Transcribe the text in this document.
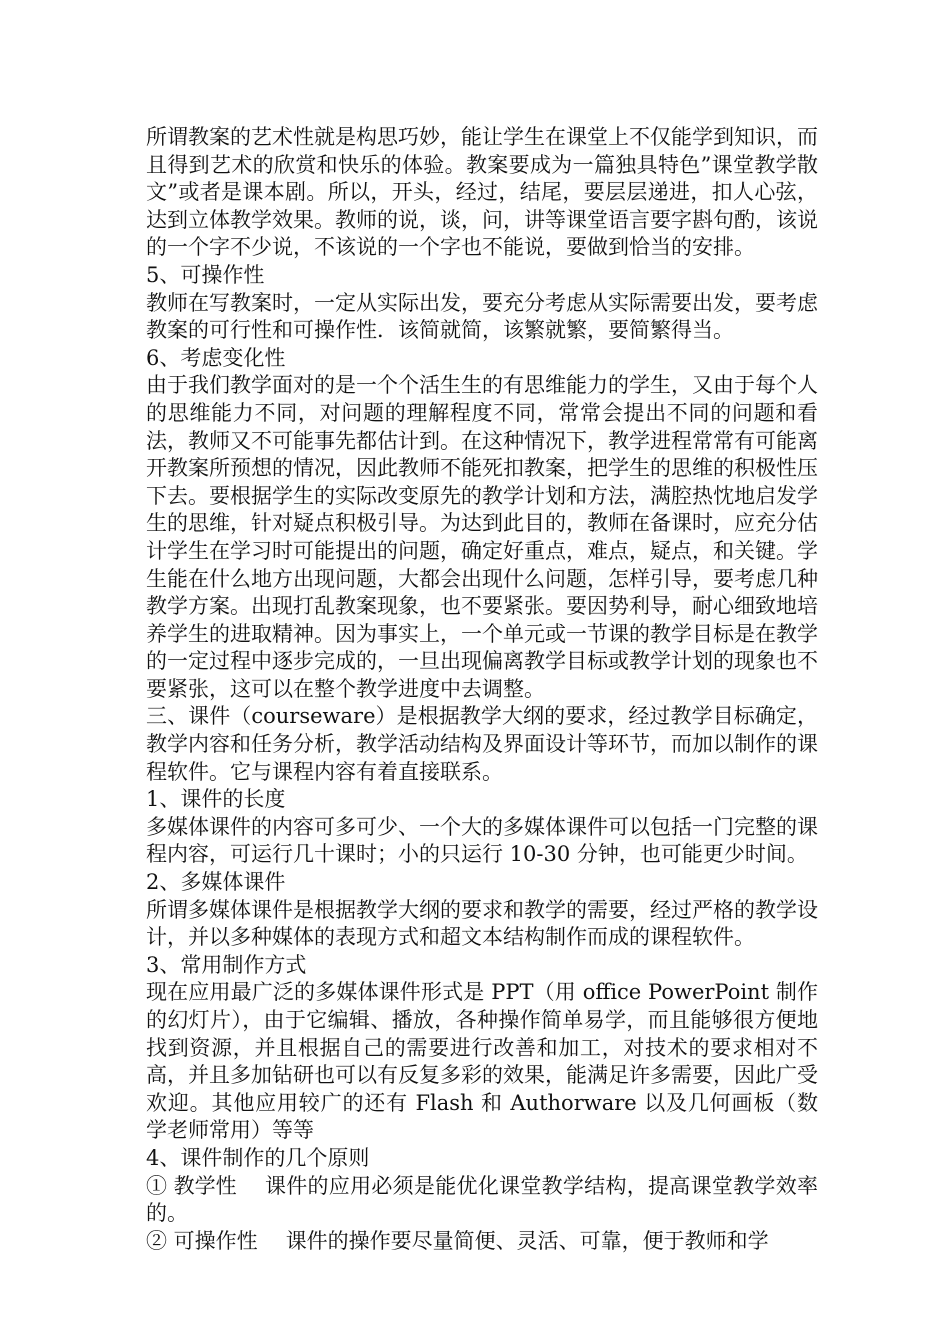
所谓教案的艺术性就是构思巧妙，能让学生在课堂上不仅能学到知识，而且得到艺术的欣赏和快乐的体验。教案要成为一篇独具特色”课堂教学散文”或者是课本剧。所以，开头，经过，结尾，要层层递进，扣人心弦，达到立体教学效果。教师的说，谈，问，讲等课堂语言要字斟句酌，该说的一个字不少说，不该说的一个字也不能说，要做到恰当的安排。

5、可操作性

教师在写教案时，一定从实际出发，要充分考虑从实际需要出发，要考虑教案的可行性和可操作性．该简就简，该繁就繁，要简繁得当。

6、考虑变化性

由于我们教学面对的是一个个活生生的有思维能力的学生，又由于每个人的思维能力不同，对问题的理解程度不同，常常会提出不同的问题和看法，教师又不可能事先都估计到。在这种情况下，教学进程常常有可能离开教案所预想的情况，因此教师不能死扣教案，把学生的思维的积极性压下去。要根据学生的实际改变原先的教学计划和方法，满腔热忱地启发学生的思维，针对疑点积极引导。为达到此目的，教师在备课时，应充分估计学生在学习时可能提出的问题，确定好重点，难点，疑点，和关键。学生能在什么地方出现问题，大都会出现什么问题，怎样引导，要考虑几种教学方案。出现打乱教案现象，也不要紧张。要因势利导，耐心细致地培养学生的进取精神。因为事实上，一个单元或一节课的教学目标是在教学的一定过程中逐步完成的，一旦出现偏离教学目标或教学计划的现象也不要紧张，这可以在整个教学进度中去调整。

三、课件（courseware）是根据教学大纲的要求，经过教学目标确定，教学内容和任务分析，教学活动结构及界面设计等环节，而加以制作的课程软件。它与课程内容有着直接联系。

1、课件的长度

多媒体课件的内容可多可少、一个大的多媒体课件可以包括一门完整的课程内容，可运行几十课时；小的只运行 10-30 分钟，也可能更少时间。

2、多媒体课件

所谓多媒体课件是根据教学大纲的要求和教学的需要，经过严格的教学设计，并以多种媒体的表现方式和超文本结构制作而成的课程软件。

3、常用制作方式

现在应用最广泛的多媒体课件形式是 PPT（用 office PowerPoint 制作的幻灯片），由于它编辑、播放，各种操作简单易学，而且能够很方便地找到资源，并且根据自己的需要进行改善和加工，对技术的要求相对不高，并且多加钻研也可以有反复多彩的效果，能满足许多需要，因此广受欢迎。其他应用较广的还有 Flash 和 Authorware 以及几何画板（数学老师常用）等等

4、课件制作的几个原则

① 教学性 课件的应用必须是能优化课堂教学结构，提高课堂教学效率的。

② 可操作性 课件的操作要尽量简便、灵活、可靠，便于教师和学
